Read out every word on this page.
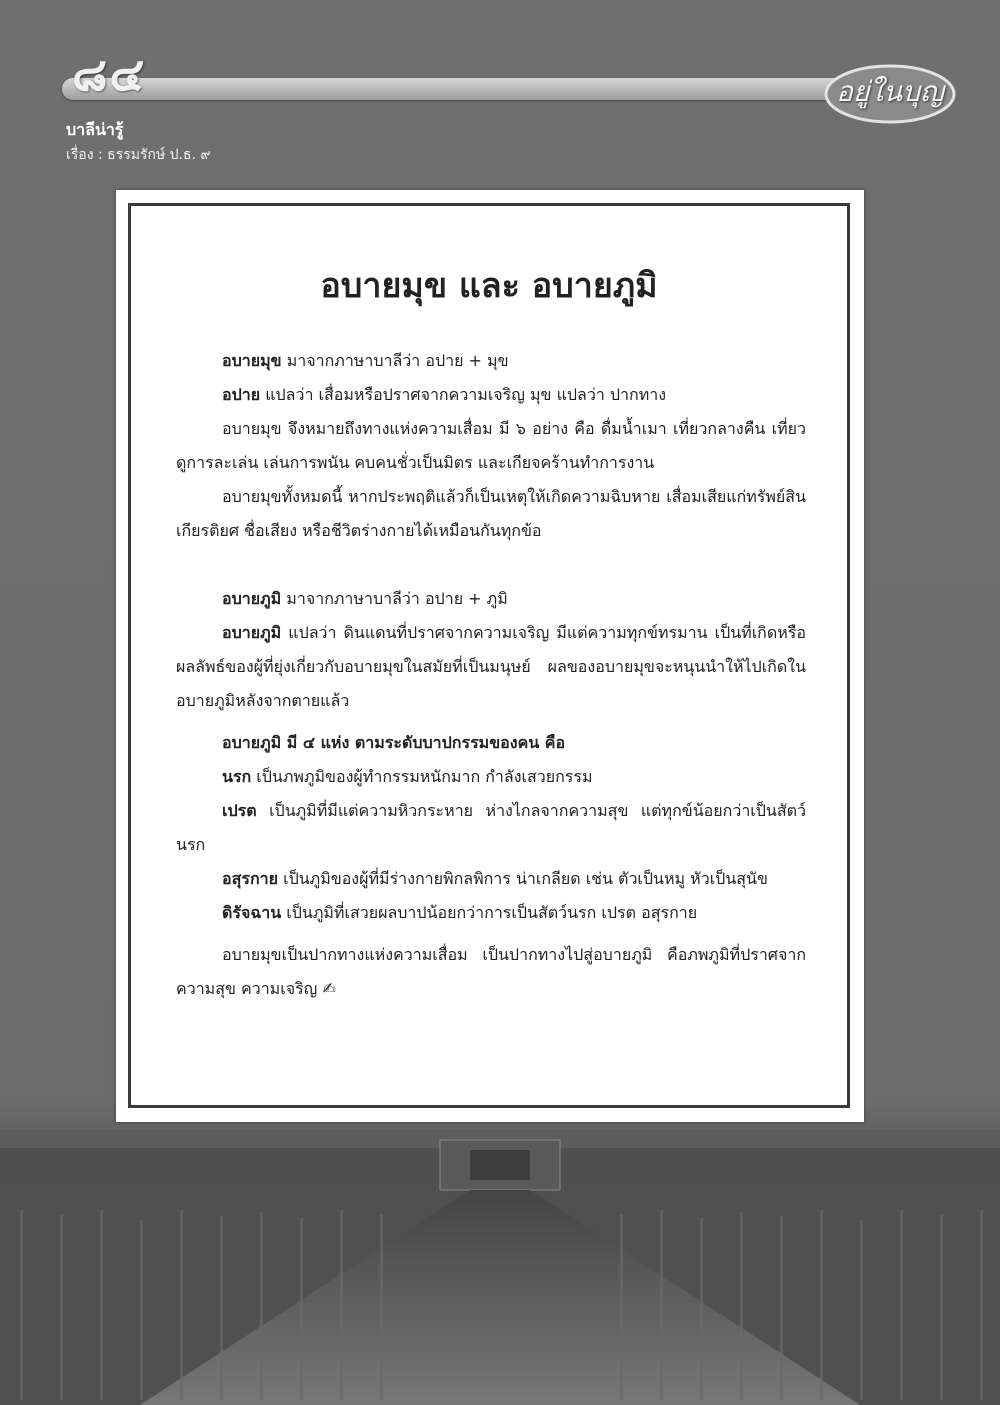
๘๔	อยู่ในบุญ
บาลีน่ารู้
เรื่อง : ธรรมรักษ์ ป.ธ. ๙
อบายมุข และ อบายภูมิ

อบายมุข มาจากภาษาบาลีว่า อปาย + มุข

อปาย แปลว่า เสื่อมหรือปราศจากความเจริญ มุข แปลว่า ปากทาง

อบายมุข จึงหมายถึงทางแห่งความเสื่อม มี ๖ อย่าง คือ ดื่มน้ำเมา เที่ยวกลางคืน เที่ยวดูการละเล่น เล่นการพนัน คบคนชั่วเป็นมิตร และเกียจคร้านทำการงาน

อบายมุขทั้งหมดนี้ หากประพฤติแล้วก็เป็นเหตุให้เกิดความฉิบหาย เสื่อมเสียแก่ทรัพย์สิน เกียรติยศ ชื่อเสียง หรือชีวิตร่างกายได้เหมือนกันทุกข้อ

อบายภูมิ มาจากภาษาบาลีว่า อปาย + ภูมิ

อบายภูมิ แปลว่า ดินแดนที่ปราศจากความเจริญ มีแต่ความทุกข์ทรมาน เป็นที่เกิดหรือผลลัพธ์ของผู้ที่ยุ่งเกี่ยวกับอบายมุขในสมัยที่เป็นมนุษย์ ผลของอบายมุขจะหนุนนำให้ไปเกิดในอบายภูมิหลังจากตายแล้ว

อบายภูมิ มี ๔ แห่ง ตามระดับบาปกรรมของคน คือ

นรก เป็นภพภูมิของผู้ทำกรรมหนักมาก กำลังเสวยกรรม

เปรต เป็นภูมิที่มีแต่ความหิวกระหาย ห่างไกลจากความสุข แต่ทุกข์น้อยกว่าเป็นสัตว์นรก

อสุรกาย เป็นภูมิของผู้ที่มีร่างกายพิกลพิการ น่าเกลียด เช่น ตัวเป็นหมู หัวเป็นสุนัข

ดิรัจฉาน เป็นภูมิที่เสวยผลบาปน้อยกว่าการเป็นสัตว์นรก เปรต อสุรกาย

อบายมุขเป็นปากทางแห่งความเสื่อม เป็นปากทางไปสู่อบายภูมิ คือภพภูมิที่ปราศจากความสุข ความเจริญ ✍
